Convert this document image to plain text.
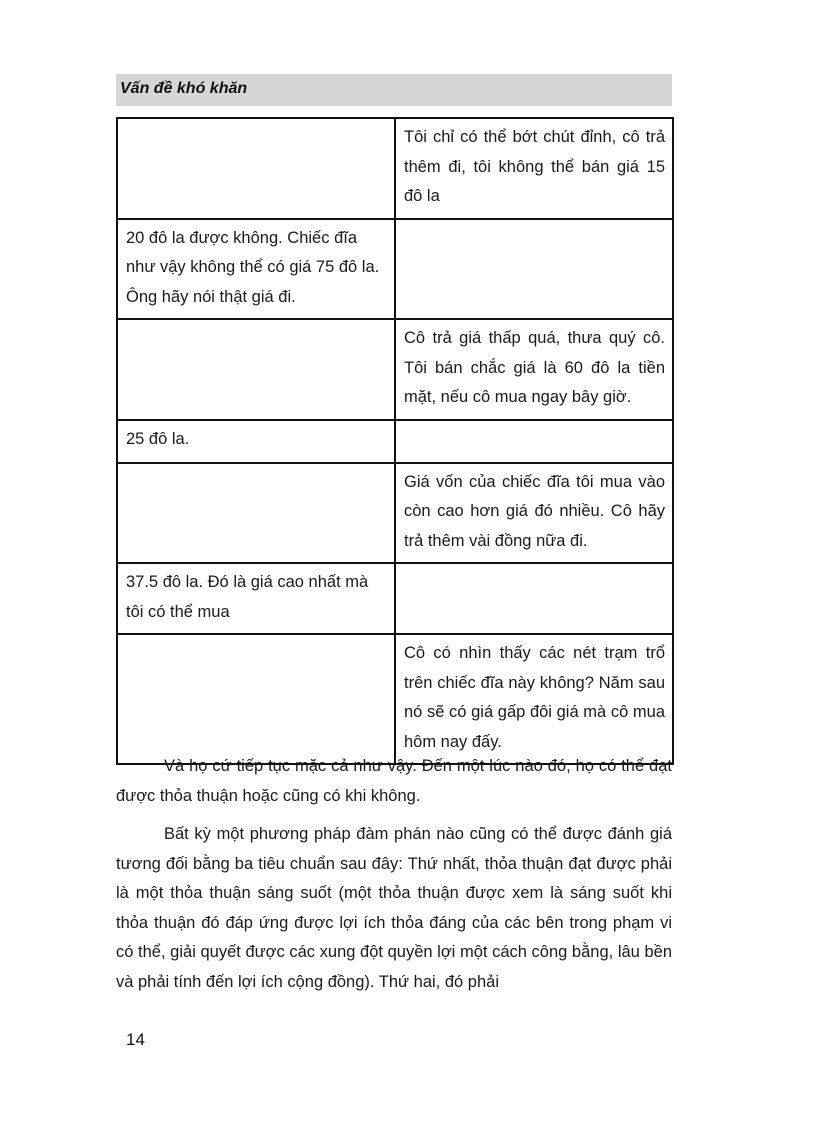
Vấn đề khó khăn
	Tôi chỉ có thể bớt chút đỉnh, cô trả thêm đi, tôi không thể bán giá 15 đô la
20 đô la được không. Chiếc đĩa như vậy không thể có giá 75 đô la. Ông hãy nói thật giá đi.	
	Cô trả giá thấp quá, thưa quý cô. Tôi bán chắc giá là 60 đô la tiền mặt, nếu cô mua ngay bây giờ.
25 đô la.	
	Giá vốn của chiếc đĩa tôi mua vào còn cao hơn giá đó nhiều. Cô hãy trả thêm vài đồng nữa đi.
37.5 đô la. Đó là giá cao nhất mà tôi có thể mua	
	Cô có nhìn thấy các nét trạm trổ trên chiếc đĩa này không? Năm sau nó sẽ có giá gấp đôi giá mà cô mua hôm nay đấy.

Và họ cứ tiếp tục mặc cả như vậy. Đến một lúc nào đó, họ có thể đạt được thỏa thuận hoặc cũng có khi không.

Bất kỳ một phương pháp đàm phán nào cũng có thể được đánh giá tương đối bằng ba tiêu chuẩn sau đây: Thứ nhất, thỏa thuận đạt được phải là một thỏa thuận sáng suốt (một thỏa thuận được xem là sáng suốt khi thỏa thuận đó đáp ứng được lợi ích thỏa đáng của các bên trong phạm vi có thể, giải quyết được các xung đột quyền lợi một cách công bằng, lâu bền và phải tính đến lợi ích cộng đồng). Thứ hai, đó phải

14
